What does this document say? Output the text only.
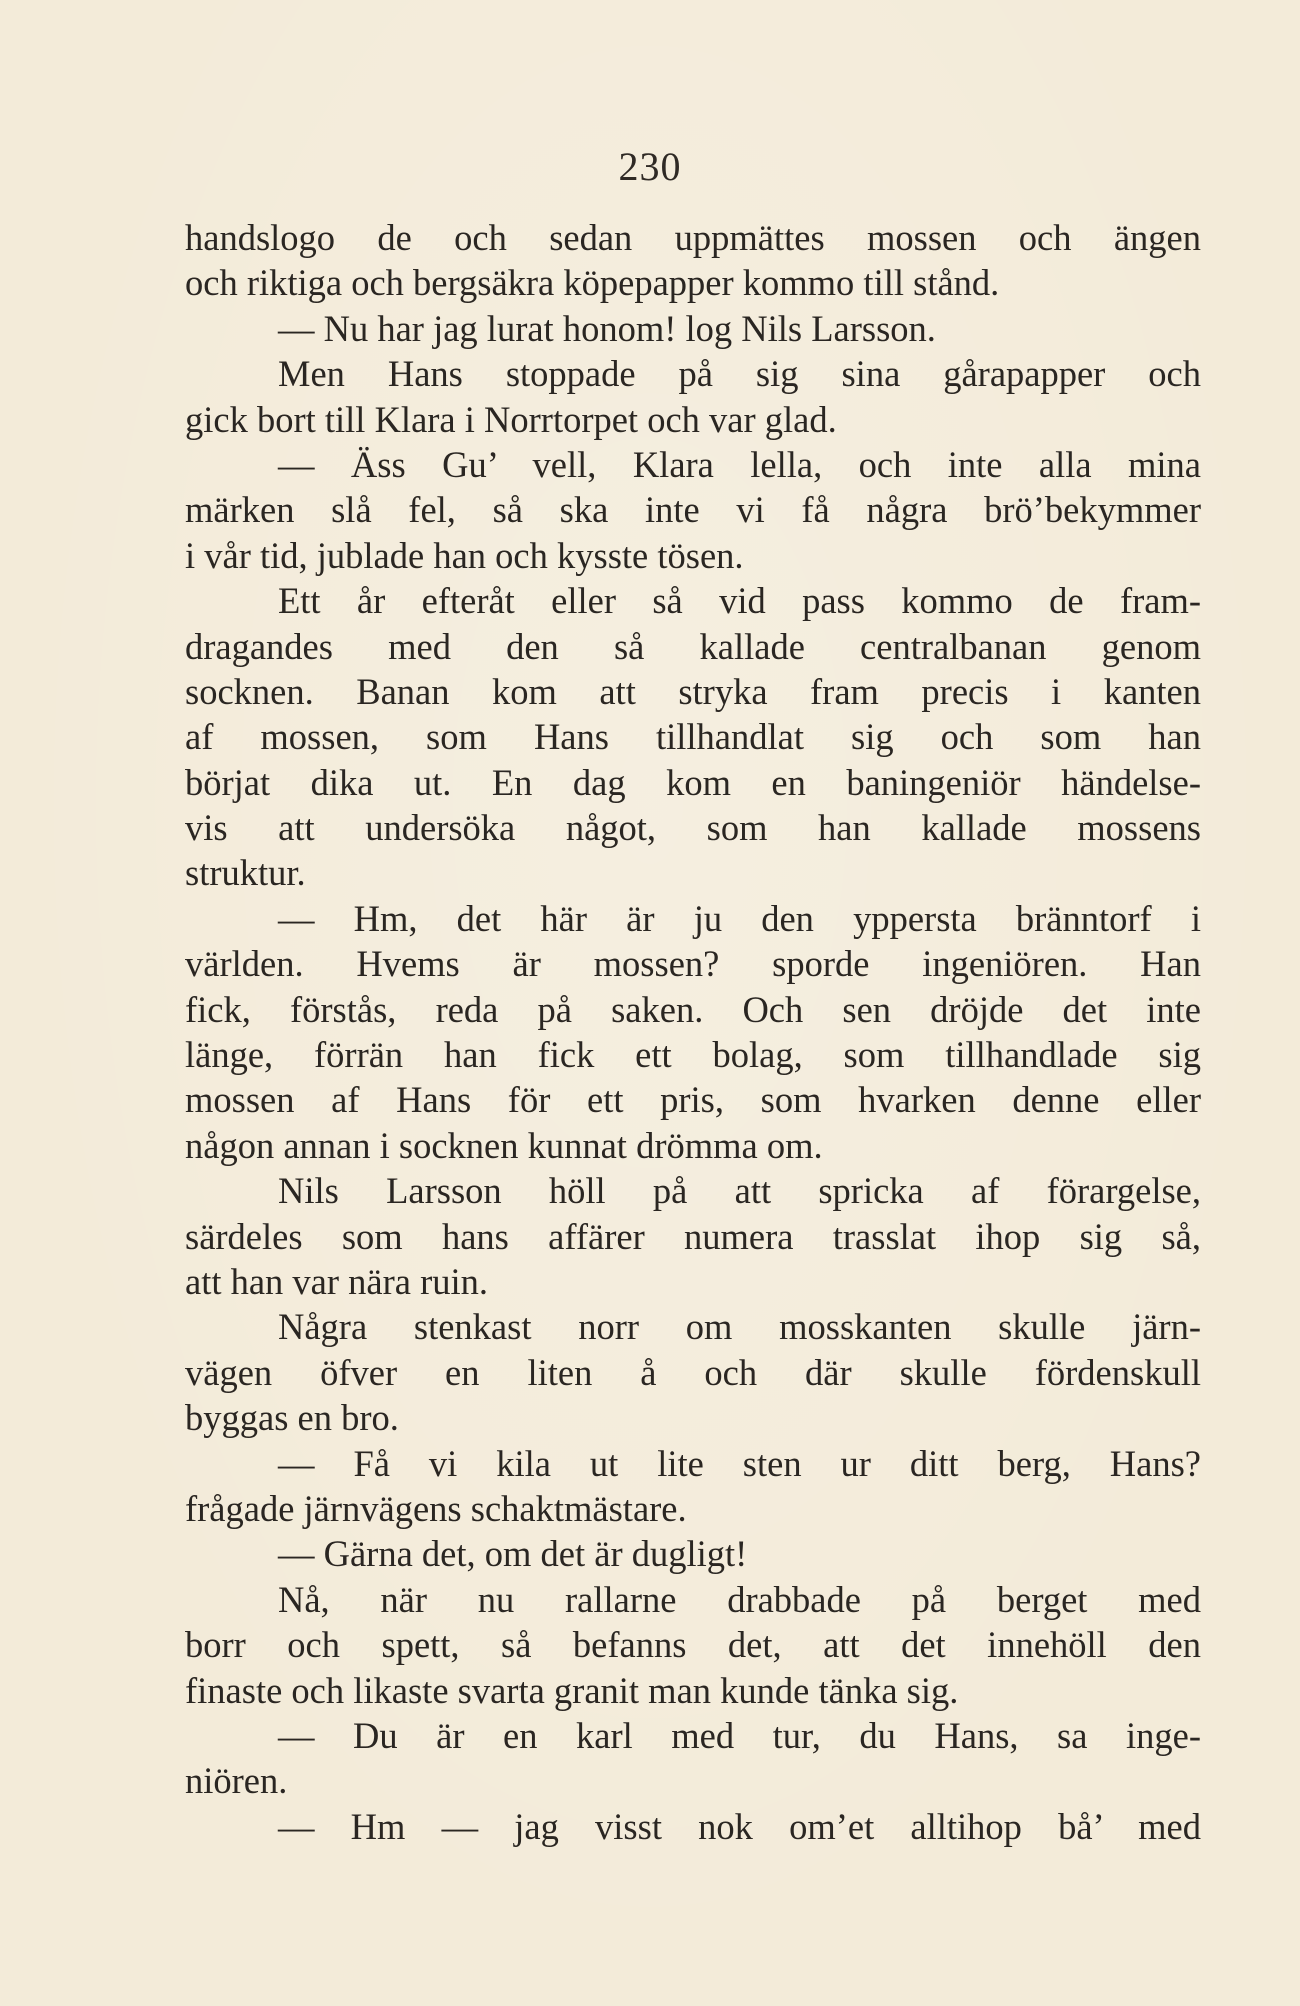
230
handslogo de och sedan uppmättes mossen och ängen
och riktiga och bergsäkra köpepapper kommo till stånd.
— Nu har jag lurat honom! log Nils Larsson.
Men Hans stoppade på sig sina gårapapper och
gick bort till Klara i Norrtorpet och var glad.
— Äss Gu’ vell, Klara lella, och inte alla mina
märken slå fel, så ska inte vi få några brö’bekymmer
i vår tid, jublade han och kysste tösen.
Ett år efteråt eller så vid pass kommo de fram-
dragandes med den så kallade centralbanan genom
socknen. Banan kom att stryka fram precis i kanten
af mossen, som Hans tillhandlat sig och som han
börjat dika ut. En dag kom en baningeniör händelse-
vis att undersöka något, som han kallade mossens
struktur.
— Hm, det här är ju den yppersta bränntorf i
världen. Hvems är mossen? sporde ingeniören. Han
fick, förstås, reda på saken. Och sen dröjde det inte
länge, förrän han fick ett bolag, som tillhandlade sig
mossen af Hans för ett pris, som hvarken denne eller
någon annan i socknen kunnat drömma om.
Nils Larsson höll på att spricka af förargelse,
särdeles som hans affärer numera trasslat ihop sig så,
att han var nära ruin.
Några stenkast norr om mosskanten skulle järn-
vägen öfver en liten å och där skulle fördenskull
byggas en bro.
— Få vi kila ut lite sten ur ditt berg, Hans?
frågade järnvägens schaktmästare.
— Gärna det, om det är dugligt!
Nå, när nu rallarne drabbade på berget med
borr och spett, så befanns det, att det innehöll den
finaste och likaste svarta granit man kunde tänka sig.
— Du är en karl med tur, du Hans, sa inge-
niören.
— Hm — jag visst nok om’et alltihop bå’ med
